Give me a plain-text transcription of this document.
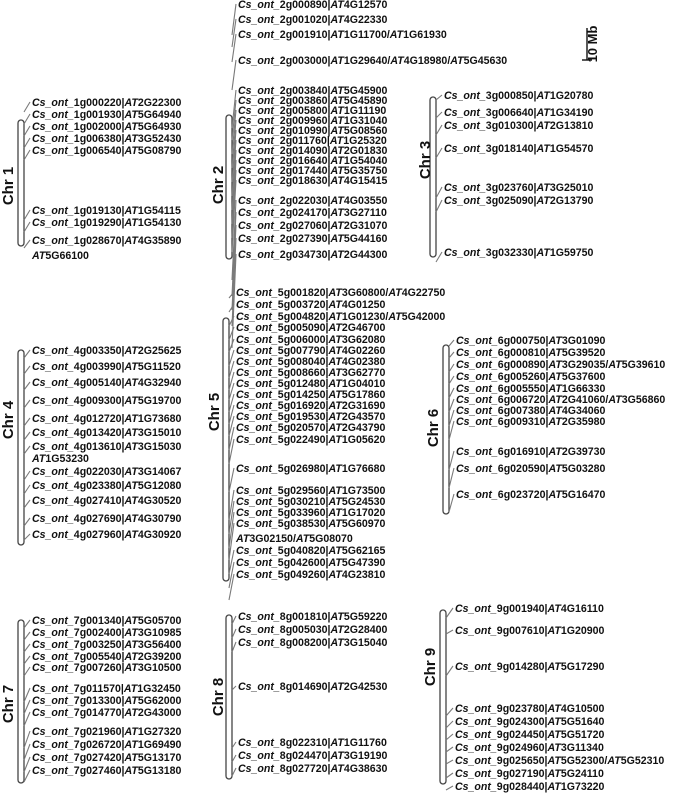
10 Mb
Chr 1
Cs_ont_1g000220|AT2G22300
Cs_ont_1g001930|AT5G64940
Cs_ont_1g002000|AT5G64930
Cs_ont_1g006380|AT3G52430
Cs_ont_1g006540|AT5G08790
Cs_ont_1g019130|AT1G54115
Cs_ont_1g019290|AT1G54130
Cs_ont_1g028670|AT4G35890
AT5G66100
Chr 2
Cs_ont_2g000890|AT4G12570
Cs_ont_2g001020|AT4G22330
Cs_ont_2g001910|AT1G11700/AT1G61930
Cs_ont_2g003000|AT1G29640/AT4G18980/AT5G45630
Cs_ont_2g003840|AT5G45900
Cs_ont_2g003860|AT5G45890
Cs_ont_2g005800|AT1G11190
Cs_ont_2g009960|AT1G31040
Cs_ont_2g010990|AT5G08560
Cs_ont_2g011760|AT1G25320
Cs_ont_2g014090|AT2G01830
Cs_ont_2g016640|AT1G54040
Cs_ont_2g017440|AT5G35750
Cs_ont_2g018630|AT4G15415
Cs_ont_2g022030|AT4G03550
Cs_ont_2g024170|AT3G27110
Cs_ont_2g027060|AT2G31070
Cs_ont_2g027390|AT5G44160
Cs_ont_2g034730|AT2G44300
Chr 3
Cs_ont_3g000850|AT1G20780
Cs_ont_3g006640|AT1G34190
Cs_ont_3g010300|AT2G13810
Cs_ont_3g018140|AT1G54570
Cs_ont_3g023760|AT3G25010
Cs_ont_3g025090|AT2G13790
Cs_ont_3g032330|AT1G59750
Chr 4
Cs_ont_4g003350|AT2G25625
Cs_ont_4g003990|AT5G11520
Cs_ont_4g005140|AT4G32940
Cs_ont_4g009300|AT5G19700
Cs_ont_4g012720|AT1G73680
Cs_ont_4g013420|AT3G15010
Cs_ont_4g013610|AT3G15030
AT1G53230
Cs_ont_4g022030|AT3G14067
Cs_ont_4g023380|AT5G12080
Cs_ont_4g027410|AT4G30520
Cs_ont_4g027690|AT4G30790
Cs_ont_4g027960|AT4G30920
Chr 5
Cs_ont_5g001820|AT3G60800/AT4G22750
Cs_ont_5g003720|AT4G01250
Cs_ont_5g004820|AT1G01230/AT5G42000
Cs_ont_5g005090|AT2G46700
Cs_ont_5g006000|AT3G62080
Cs_ont_5g007790|AT4G02260
Cs_ont_5g008040|AT4G02380
Cs_ont_5g008660|AT3G62770
Cs_ont_5g012480|AT1G04010
Cs_ont_5g014250|AT5G17860
Cs_ont_5g016920|AT2G31690
Cs_ont_5g019530|AT2G43570
Cs_ont_5g020570|AT2G43790
Cs_ont_5g022490|AT1G05620
Cs_ont_5g026980|AT1G76680
Cs_ont_5g029560|AT1G73500
Cs_ont_5g030210|AT5G24530
Cs_ont_5g033960|AT1G17020
Cs_ont_5g038530|AT5G60970
AT3G02150/AT5G08070
Cs_ont_5g040820|AT5G62165
Cs_ont_5g042600|AT5G47390
Cs_ont_5g049260|AT4G23810
Chr 6
Cs_ont_6g000750|AT3G01090
Cs_ont_6g000810|AT5G39520
Cs_ont_6g000890|AT3G29035/AT5G39610
Cs_ont_6g005260|AT5G37600
Cs_ont_6g005550|AT1G66330
Cs_ont_6g006720|AT2G41060/AT3G56860
Cs_ont_6g007380|AT4G34060
Cs_ont_6g009310|AT2G35980
Cs_ont_6g016910|AT2G39730
Cs_ont_6g020590|AT5G03280
Cs_ont_6g023720|AT5G16470
Chr 7
Cs_ont_7g001340|AT5G05700
Cs_ont_7g002400|AT3G10985
Cs_ont_7g003250|AT3G56400
Cs_ont_7g005540|AT2G39200
Cs_ont_7g007260|AT3G10500
Cs_ont_7g011570|AT1G32450
Cs_ont_7g013300|AT5G62000
Cs_ont_7g014770|AT2G43000
Cs_ont_7g021960|AT1G27320
Cs_ont_7g026720|AT1G69490
Cs_ont_7g027420|AT5G13170
Cs_ont_7g027460|AT5G13180
Chr 8
Cs_ont_8g001810|AT5G59220
Cs_ont_8g005030|AT2G28400
Cs_ont_8g008200|AT3G15040
Cs_ont_8g014690|AT2G42530
Cs_ont_8g022310|AT1G11760
Cs_ont_8g024470|AT3G19190
Cs_ont_8g027720|AT4G38630
Chr 9
Cs_ont_9g001940|AT4G16110
Cs_ont_9g007610|AT1G20900
Cs_ont_9g014280|AT5G17290
Cs_ont_9g023780|AT4G10500
Cs_ont_9g024300|AT5G51640
Cs_ont_9g024450|AT5G51720
Cs_ont_9g024960|AT3G11340
Cs_ont_9g025650|AT5G52300/AT5G52310
Cs_ont_9g027190|AT5G24110
Cs_ont_9g028440|AT1G73220
